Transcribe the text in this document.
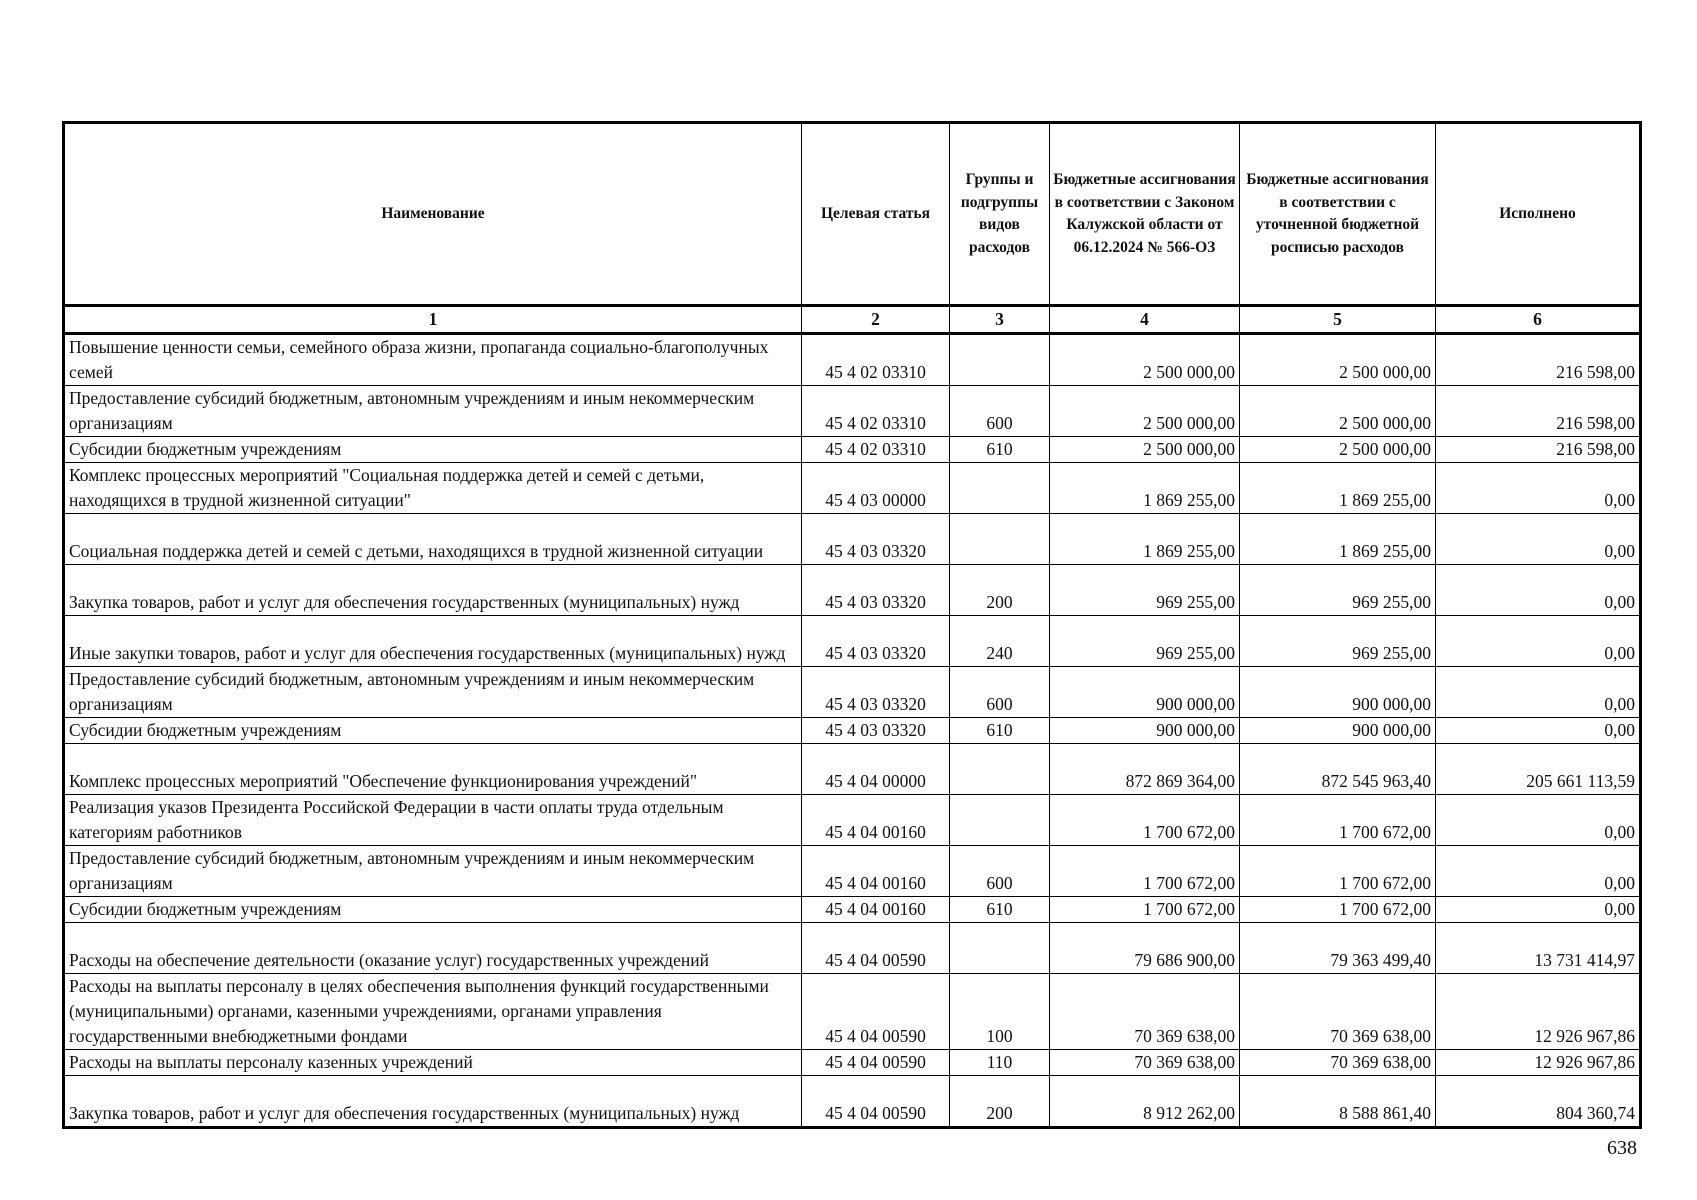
Наименование	Целевая статья	Группы и подгруппы видов расходов	Бюджетные ассигнования в соответствии с Законом Калужской области от 06.12.2024 № 566-ОЗ	Бюджетные ассигнования в соответствии с уточненной бюджетной росписью расходов	Исполнено
1	2	3	4	5	6
Повышение ценности семьи, семейного образа жизни, пропаганда социально-благополучных семей	45 4 02 03310		2 500 000,00	2 500 000,00	216 598,00
Предоставление субсидий бюджетным, автономным учреждениям и иным некоммерческим организациям	45 4 02 03310	600	2 500 000,00	2 500 000,00	216 598,00
Субсидии бюджетным учреждениям	45 4 02 03310	610	2 500 000,00	2 500 000,00	216 598,00
Комплекс процессных мероприятий "Социальная поддержка детей и семей с детьми, находящихся в трудной жизненной ситуации"	45 4 03 00000		1 869 255,00	1 869 255,00	0,00
Социальная поддержка детей и семей с детьми, находящихся в трудной жизненной ситуации	45 4 03 03320		1 869 255,00	1 869 255,00	0,00
Закупка товаров, работ и услуг для обеспечения государственных (муниципальных) нужд	45 4 03 03320	200	969 255,00	969 255,00	0,00
Иные закупки товаров, работ и услуг для обеспечения государственных (муниципальных) нужд	45 4 03 03320	240	969 255,00	969 255,00	0,00
Предоставление субсидий бюджетным, автономным учреждениям и иным некоммерческим организациям	45 4 03 03320	600	900 000,00	900 000,00	0,00
Субсидии бюджетным учреждениям	45 4 03 03320	610	900 000,00	900 000,00	0,00
Комплекс процессных мероприятий "Обеспечение функционирования учреждений"	45 4 04 00000		872 869 364,00	872 545 963,40	205 661 113,59
Реализация указов Президента Российской Федерации в части оплаты труда отдельным категориям работников	45 4 04 00160		1 700 672,00	1 700 672,00	0,00
Предоставление субсидий бюджетным, автономным учреждениям и иным некоммерческим организациям	45 4 04 00160	600	1 700 672,00	1 700 672,00	0,00
Субсидии бюджетным учреждениям	45 4 04 00160	610	1 700 672,00	1 700 672,00	0,00
Расходы на обеспечение деятельности (оказание услуг) государственных учреждений	45 4 04 00590		79 686 900,00	79 363 499,40	13 731 414,97
Расходы на выплаты персоналу в целях обеспечения выполнения функций государственными (муниципальными) органами, казенными учреждениями, органами управления государственными внебюджетными фондами	45 4 04 00590	100	70 369 638,00	70 369 638,00	12 926 967,86
Расходы на выплаты персоналу казенных учреждений	45 4 04 00590	110	70 369 638,00	70 369 638,00	12 926 967,86
Закупка товаров, работ и услуг для обеспечения государственных (муниципальных) нужд	45 4 04 00590	200	8 912 262,00	8 588 861,40	804 360,74
638
